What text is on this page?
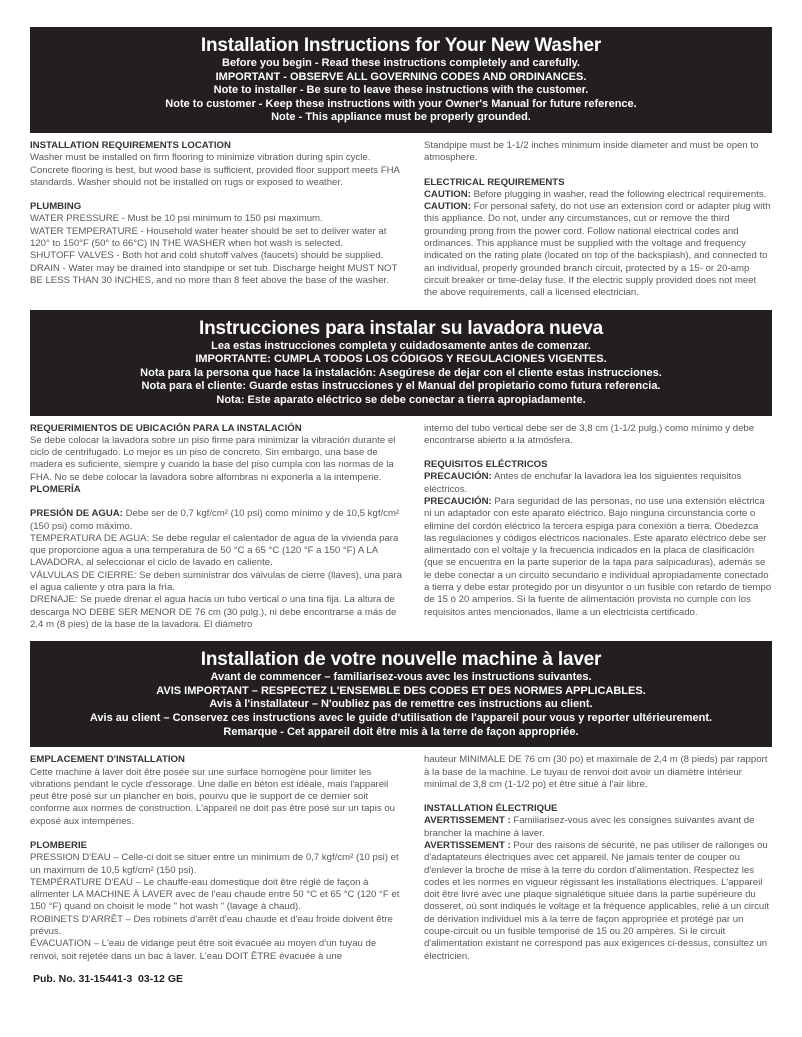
Installation Instructions for Your New Washer
Before you begin - Read these instructions completely and carefully.
IMPORTANT - OBSERVE ALL GOVERNING CODES AND ORDINANCES.
Note to installer - Be sure to leave these instructions with the customer.
Note to customer - Keep these instructions with your Owner's Manual for future reference.
Note - This appliance must be properly grounded.
INSTALLATION REQUIREMENTS LOCATION

Washer must be installed on firm flooring to minimize vibration during spin cycle. Concrete flooring is best, but wood base is sufficient, provided floor support meets FHA standards. Washer should not be installed on rugs or exposed to weather.

PLUMBING

WATER PRESSURE - Must be 10 psi minimum to 150 psi maximum.

WATER TEMPERATURE - Household water heater should be set to deliver water at 120° to 150°F (50° to 66°C) IN THE WASHER when hot wash is selected.

SHUTOFF VALVES - Both hot and cold shutoff valves (faucets) should be supplied.

DRAIN - Water may be drained into standpipe or set tub. Discharge height MUST NOT BE LESS THAN 30 INCHES, and no more than 8 feet above the base of the washer.

Standpipe must be 1-1/2 inches minimum inside diameter and must be open to atmosphere.

ELECTRICAL REQUIREMENTS

CAUTION: Before plugging in washer, read the following electrical requirements.

CAUTION: For personal safety, do not use an extension cord or adapter plug with this appliance. Do not, under any circumstances, cut or remove the third grounding prong from the power cord. Follow national electrical codes and ordinances. This appliance must be supplied with the voltage and frequency indicated on the rating plate (located on top of the backsplash), and connected to an individual, properly grounded branch circuit, protected by a 15- or 20-amp circuit breaker or time-delay fuse. If the electric supply provided does not meet the above requirements, call a licensed electrician.

Instrucciones para instalar su lavadora nueva
Lea estas instrucciones completa y cuidadosamente antes de comenzar.
IMPORTANTE: CUMPLA TODOS LOS CÓDIGOS Y REGULACIONES VIGENTES.
Nota para la persona que hace la instalación: Asegúrese de dejar con el cliente estas instrucciones.
Nota para el cliente: Guarde estas instrucciones y el Manual del propietario como futura referencia.
Nota: Este aparato eléctrico se debe conectar a tierra apropiadamente.
REQUERIMIENTOS DE UBICACIÓN PARA LA INSTALACIÓN

Se debe colocar la lavadora sobre un piso firme para minimizar la vibración durante el ciclo de centrifugado. Lo mejor es un piso de concreto. Sin embargo, una base de madera es suficiente, siempre y cuando la base del piso cumpla con las normas de la FHA. No se debe colocar la lavadora sobre alfombras ni exponerla a la intemperie.

PLOMERÍA

PRESIÓN DE AGUA: Debe ser de 0,7 kgf/cm² (10 psi) como mínimo y de 10,5 kgf/cm² (150 psi) como máximo.

TEMPERATURA DE AGUA: Se debe regular el calentador de agua de la vivienda para que proporcione agua a una temperatura de 50 °C a 65 °C (120 °F a 150 °F) A LA LAVADORA, al seleccionar el ciclo de lavado en caliente.

VÁLVULAS DE CIERRE: Se deben suministrar dos válvulas de cierre (llaves), una para el agua caliente y otra para la fría.

DRENAJE: Se puede drenar el agua hacia un tubo vertical o una tina fija. La altura de descarga NO DEBE SER MENOR DE 76 cm (30 pulg.), ni debe encontrarse a más de 2,4 m (8 pies) de la base de la lavadora. El diámetro

interno del tubo vertical debe ser de 3,8 cm (1-1/2 pulg.) como mínimo y debe encontrarse abierto a la atmósfera.

REQUISITOS ELÉCTRICOS

PRECAUCIÓN: Antes de enchufar la lavadora lea los siguientes requisitos eléctricos.

PRECAUCIÓN: Para seguridad de las personas, no use una extensión eléctrica ni un adaptador con este aparato eléctrico. Bajo ninguna circunstancia corte o elimine del cordón eléctrico la tercera espiga para conexión a tierra. Obedezca las regulaciones y códigos eléctricos nacionales. Este aparato eléctrico debe ser alimentado con el voltaje y la frecuencia indicados en la placa de clasificación (que se encuentra en la parte superior de la tapa para salpicaduras), además se le debe conectar a un circuito secundario e individual apropiadamente conectado a tierra y debe estar protegido por un disyuntor o un fusible con retardo de tiempo de 15 ó 20 amperios. Si la fuente de alimentación provista no cumple con los requisitos antes mencionados, llame a un electricista certificado.

Installation de votre nouvelle machine à laver
Avant de commencer – familiarisez-vous avec les instructions suivantes.
AVIS IMPORTANT – RESPECTEZ L'ENSEMBLE DES CODES ET DES NORMES APPLICABLES.
Avis à l'installateur – N'oubliez pas de remettre ces instructions au client.
Avis au client – Conservez ces instructions avec le guide d'utilisation de l'appareil pour vous y reporter ultérieurement.
Remarque - Cet appareil doit être mis à la terre de façon appropriée.
EMPLACEMENT D'INSTALLATION

Cette machine à laver doit être posée sur une surface homogène pour limiter les vibrations pendant le cycle d'essorage. Une dalle en béton est idéale, mais l'appareil peut être posé sur un plancher en bois, pourvu que le support de ce dernier soit conforme aux normes de construction. L'appareil ne doit pas être posé sur un tapis ou exposé aux intempéries.

PLOMBERIE

PRESSION D'EAU – Celle-ci doit se situer entre un minimum de 0,7 kgf/cm² (10 psi) et un maximum de 10,5 kgf/cm² (150 psi).

TEMPÉRATURE D'EAU – Le chauffe-eau domestique doit être réglé de façon à alimenter LA MACHINE À LAVER avec de l'eau chaude entre 50 °C et 65 °C (120 °F et 150 °F) quand on choisit le mode " hot wash " (lavage à chaud).

ROBINETS D'ARRÊT – Des robinets d'arrêt d'eau chaude et d'eau froide doivent être prévus.

ÉVACUATION – L'eau de vidange peut être soit évacuée au moyen d'un tuyau de renvoi, soit rejetée dans un bac à laver. L'eau DOIT ÊTRE évacuée à une

hauteur MINIMALE DE 76 cm (30 po) et maximale de 2,4 m (8 pieds) par rapport à la base de la machine. Le tuyau de renvoi doit avoir un diamètre intérieur minimal de 3,8 cm (1-1/2 po) et être situé à l'air libre.

INSTALLATION ÉLECTRIQUE

AVERTISSEMENT : Familiarisez-vous avec les consignes suivantes avant de brancher la machine à laver.

AVERTISSEMENT : Pour des raisons de sécurité, ne pas utiliser de rallonges ou d'adaptateurs électriques avec cet appareil. Ne jamais tenter de couper ou d'enlever la broche de mise à la terre du cordon d'alimentation. Respectez les codes et les normes en vigueur régissant les installations électriques. L'appareil doit être livré avec une plaque signalétique située dans la partie supérieure du dosseret, où sont indiqués le voltage et la fréquence applicables, relié à un circuit de dérivation individuel mis à la terre de façon appropriée et protégé par un coupe-circuit ou un fusible temporisé de 15 ou 20 ampères. Si le circuit d'alimentation existant ne correspond pas aux exigences ci-dessus, consultez un électricien.

Pub. No. 31-15441-3  03-12 GE
